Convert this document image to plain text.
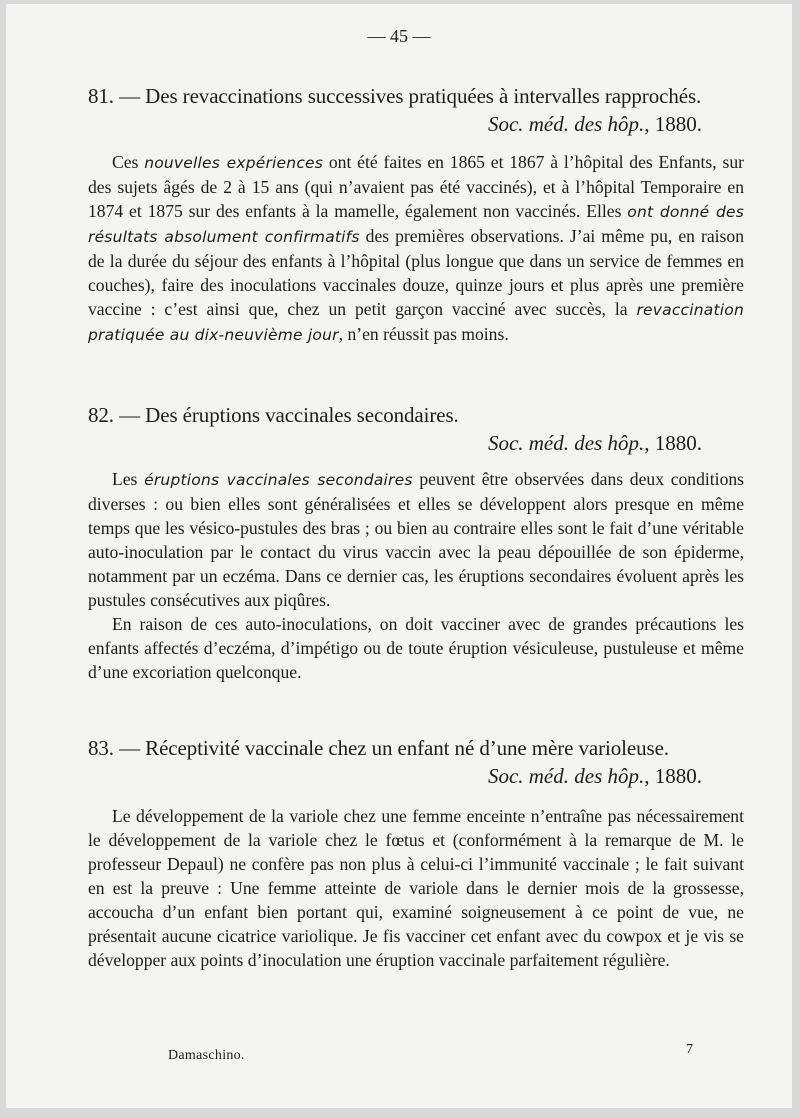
— 45 —
81. — Des revaccinations successives pratiquées à intervalles rapprochés.
Soc. méd. des hôp., 1880.

Ces nouvelles expériences ont été faites en 1865 et 1867 à l’hôpital des Enfants, sur des sujets âgés de 2 à 15 ans (qui n’avaient pas été vaccinés), et à l’hôpital Temporaire en 1874 et 1875 sur des enfants à la mamelle, également non vaccinés. Elles ont donné des résultats absolument confirmatifs des premières observations. J’ai même pu, en raison de la durée du séjour des enfants à l’hôpital (plus longue que dans un service de femmes en couches), faire des inoculations vaccinales douze, quinze jours et plus après une première vaccine : c’est ainsi que, chez un petit garçon vacciné avec succès, la revaccination pratiquée au dix-neuvième jour, n’en réussit pas moins.

82. — Des éruptions vaccinales secondaires.
Soc. méd. des hôp., 1880.

Les éruptions vaccinales secondaires peuvent être observées dans deux conditions diverses : ou bien elles sont généralisées et elles se développent alors presque en même temps que les vésico-pustules des bras ; ou bien au contraire elles sont le fait d’une véritable auto-inoculation par le contact du virus vaccin avec la peau dépouillée de son épiderme, notamment par un eczéma. Dans ce dernier cas, les éruptions secondaires évoluent après les pustules consécutives aux piqûres.

En raison de ces auto-inoculations, on doit vacciner avec de grandes précautions les enfants affectés d’eczéma, d’impétigo ou de toute éruption vésiculeuse, pustuleuse et même d’une excoriation quelconque.

83. — Réceptivité vaccinale chez un enfant né d’une mère varioleuse.
Soc. méd. des hôp., 1880.

Le développement de la variole chez une femme enceinte n’entraîne pas nécessairement le développement de la variole chez le fœtus et (conformément à la remarque de M. le professeur Depaul) ne confère pas non plus à celui-ci l’immunité vaccinale ; le fait suivant en est la preuve : Une femme atteinte de variole dans le dernier mois de la grossesse, accoucha d’un enfant bien portant qui, examiné soigneusement à ce point de vue, ne présentait aucune cicatrice variolique. Je fis vacciner cet enfant avec du cowpox et je vis se développer aux points d’inoculation une éruption vaccinale parfaitement régulière.

Damaschino.	7
